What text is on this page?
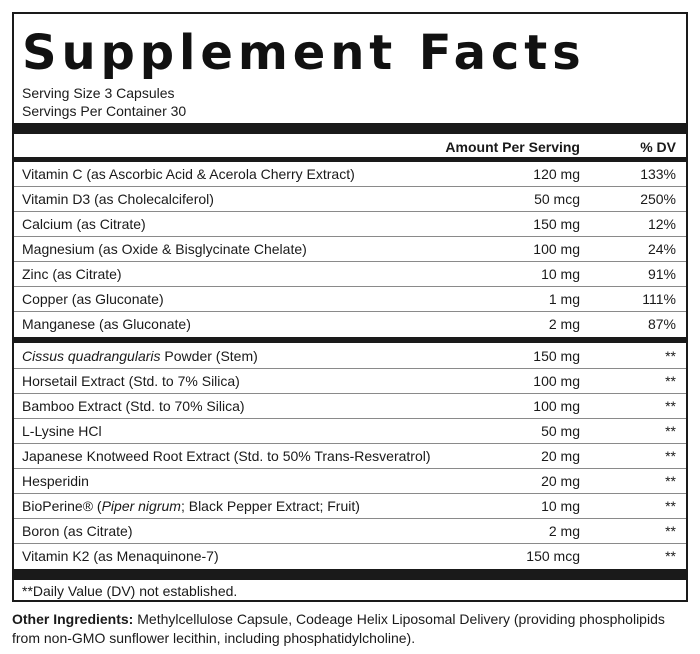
Supplement Facts
Serving Size 3 Capsules
Servings Per Container 30
Amount Per Serving	% DV
Vitamin C (as Ascorbic Acid & Acerola Cherry Extract)	120 mg	133%
Vitamin D3 (as Cholecalciferol)	50 mcg	250%
Calcium (as Citrate)	150 mg	12%
Magnesium (as Oxide & Bisglycinate Chelate)	100 mg	24%
Zinc (as Citrate)	10 mg	91%
Copper (as Gluconate)	1 mg	111%
Manganese (as Gluconate)	2 mg	87%
Cissus quadrangularis Powder (Stem)	150 mg	**
Horsetail Extract (Std. to 7% Silica)	100 mg	**
Bamboo Extract (Std. to 70% Silica)	100 mg	**
L-Lysine HCl	50 mg	**
Japanese Knotweed Root Extract (Std. to 50% Trans-Resveratrol)	20 mg	**
Hesperidin	20 mg	**
BioPerine® (Piper nigrum; Black Pepper Extract; Fruit)	10 mg	**
Boron (as Citrate)	2 mg	**
Vitamin K2 (as Menaquinone-7)	150 mcg	**
**Daily Value (DV) not established.
Other Ingredients: Methylcellulose Capsule, Codeage Helix Liposomal Delivery (providing phospholipids from non-GMO sunflower lecithin, including phosphatidylcholine).
